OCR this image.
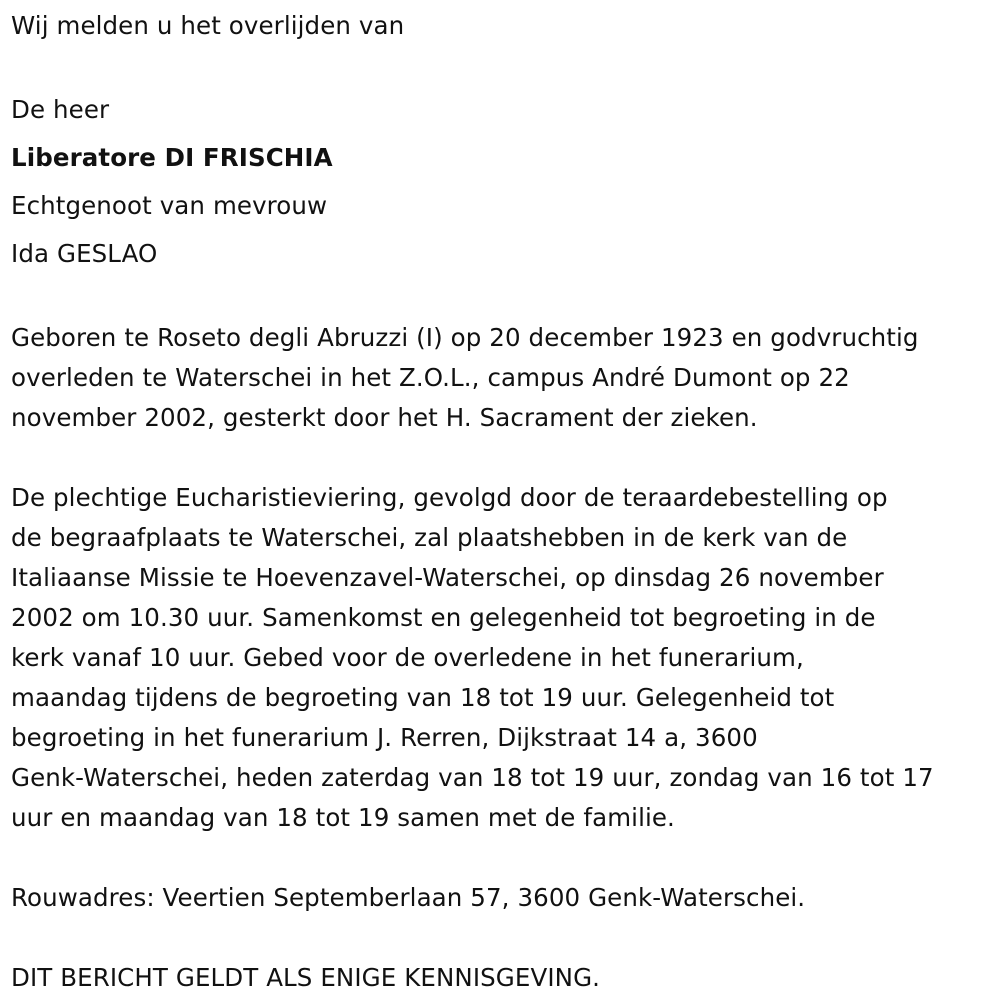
Wij melden u het overlijden van

De heer

Liberatore DI FRISCHIA

Echtgenoot van mevrouw

Ida GESLAO

Geboren te Roseto degli Abruzzi (I) op 20 december 1923 en godvruchtig

overleden te Waterschei in het Z.O.L., campus André Dumont op 22

november 2002, gesterkt door het H. Sacrament der zieken.

De plechtige Eucharistieviering, gevolgd door de teraardebestelling op

de begraafplaats te Waterschei, zal plaatshebben in de kerk van de

Italiaanse Missie te Hoevenzavel-Waterschei, op dinsdag 26 november

2002 om 10.30 uur. Samenkomst en gelegenheid tot begroeting in de

kerk vanaf 10 uur. Gebed voor de overledene in het funerarium,

maandag tijdens de begroeting van 18 tot 19 uur. Gelegenheid tot

begroeting in het funerarium J. Rerren, Dijkstraat 14 a, 3600

Genk-Waterschei, heden zaterdag van 18 tot 19 uur, zondag van 16 tot 17

uur en maandag van 18 tot 19 samen met de familie.

Rouwadres: Veertien Septemberlaan 57, 3600 Genk-Waterschei.

DIT BERICHT GELDT ALS ENIGE KENNISGEVING.
